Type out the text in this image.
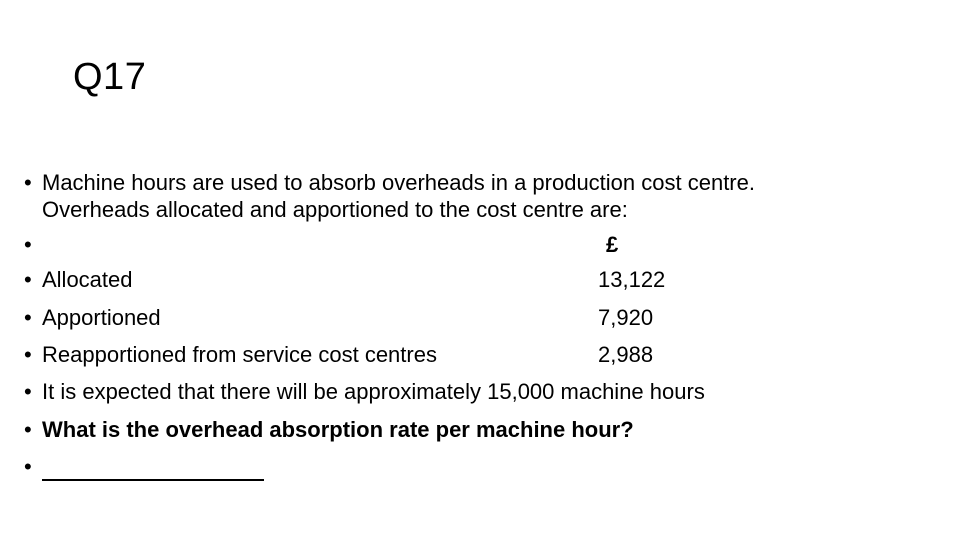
Q17
• Machine hours are used to absorb overheads in a production cost centre.
Overheads allocated and apportioned to the cost centre are:
•	£
• Allocated	13,122
• Apportioned	7,920
• Reapportioned from service cost centres	2,988
• It is expected that there will be approximately 15,000 machine hours
• What is the overhead absorption rate per machine hour?
•
